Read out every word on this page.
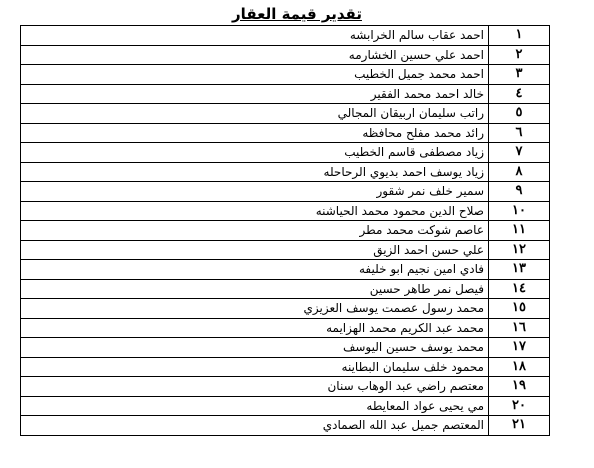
تقدير قيمة العقار
١	احمد عقاب سالم الخرابشه
٢	احمد علي حسين الخشارمه
٣	احمد محمد جميل الخطيب
٤	خالد احمد محمد الفقير
٥	راتب سليمان اربيقان المجالي
٦	رائد محمد مفلح محافظه
٧	زياد مصطفى قاسم الخطيب
٨	زياد يوسف احمد بديوي الرحاحله
٩	سمير خلف نمر شقور
١٠	صلاح الدين محمود محمد الحياشنه
١١	عاصم شوكت محمد مطر
١٢	علي حسن احمد الزيق
١٣	فادي امين نجيم ابو خليفه
١٤	فيصل نمر طاهر حسين
١٥	محمد رسول عصمت يوسف العزيزي
١٦	محمد عبد الكريم محمد الهزايمه
١٧	محمد يوسف حسين اليوسف
١٨	محمود خلف سليمان البطاينه
١٩	معتصم راضي عبد الوهاب سنان
٢٠	مي يحيى عواد المعايطه
٢١	المعتصم جميل عبد الله الصمادي
